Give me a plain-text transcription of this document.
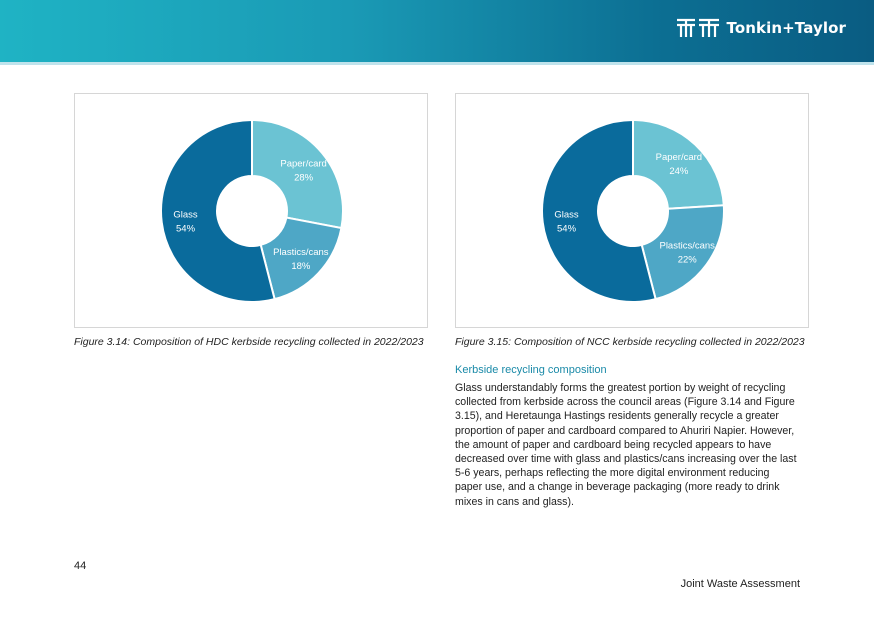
Tonkin+Taylor
Paper/card
28%
Plastics/cans
18%
Glass
54%
Paper/card
24%
Plastics/cans
22%
Glass
54%
Figure 3.14: Composition of HDC kerbside recycling collected in 2022/2023	Figure 3.15: Composition of NCC kerbside recycling collected in 2022/2023
Kerbside recycling composition
Glass understandably forms the greatest portion by weight of recycling
collected from kerbside across the council areas (Figure 3.14 and Figure
3.15), and Heretaunga Hastings residents generally recycle a greater
proportion of paper and cardboard compared to Ahuriri Napier. However,
the amount of paper and cardboard being recycled appears to have
decreased over time with glass and plastics/cans increasing over the last
5-6 years, perhaps reflecting the more digital environment reducing
paper use, and a change in beverage packaging (more ready to drink
mixes in cans and glass).
44
Joint Waste Assessment
